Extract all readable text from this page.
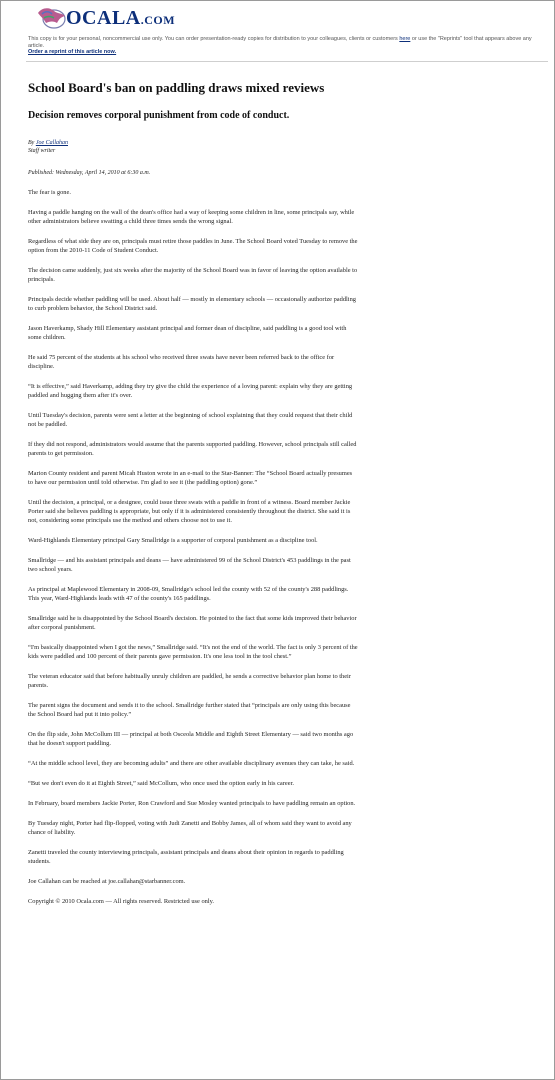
OCALA.COM
This copy is for your personal, noncommercial use only. You can order presentation-ready copies for distribution to your colleagues, clients or customers here or use the "Reprints" tool that appears above any article.
Order a reprint of this article now.
School Board's ban on paddling draws mixed reviews
Decision removes corporal punishment from code of conduct.
By Joe Callahan
Staff writer
Published: Wednesday, April 14, 2010 at 6:30 a.m.

The fear is gone.

Having a paddle hanging on the wall of the dean's office had a way of keeping some children in line, some principals say, while other administrators believe swatting a child three times sends the wrong signal.

Regardless of what side they are on, principals must retire those paddles in June. The School Board voted Tuesday to remove the option from the 2010-11 Code of Student Conduct.

The decision came suddenly, just six weeks after the majority of the School Board was in favor of leaving the option available to principals.

Principals decide whether paddling will be used. About half — mostly in elementary schools — occasionally authorize paddling to curb problem behavior, the School District said.

Jason Haverkamp, Shady Hill Elementary assistant principal and former dean of discipline, said paddling is a good tool with some children.

He said 75 percent of the students at his school who received three swats have never been referred back to the office for discipline.

“It is effective,” said Haverkamp, adding they try give the child the experience of a loving parent: explain why they are getting paddled and hugging them after it's over.

Until Tuesday's decision, parents were sent a letter at the beginning of school explaining that they could request that their child not be paddled.

If they did not respond, administrators would assume that the parents supported paddling. However, school principals still called parents to get permission.

Marion County resident and parent Micah Huston wrote in an e-mail to the Star-Banner: The “School Board actually presumes to have our permission until told otherwise. I'm glad to see it (the paddling option) gone.”

Until the decision, a principal, or a designee, could issue three swats with a paddle in front of a witness. Board member Jackie Porter said she believes paddling is appropriate, but only if it is administered consistently throughout the district. She said it is not, considering some principals use the method and others choose not to use it.

Ward-Highlands Elementary principal Gary Smallridge is a supporter of corporal punishment as a discipline tool.

Smallridge — and his assistant principals and deans — have administered 99 of the School District's 453 paddlings in the past two school years.

As principal at Maplewood Elementary in 2008-09, Smallridge's school led the county with 52 of the county's 288 paddlings. This year, Ward-Highlands leads with 47 of the county's 165 paddlings.

Smallridge said he is disappointed by the School Board's decision. He pointed to the fact that some kids improved their behavior after corporal punishment.

“I'm basically disappointed when I got the news,” Smallridge said. “It's not the end of the world. The fact is only 3 percent of the kids were paddled and 100 percent of their parents gave permission. It's one less tool in the tool chest.”

The veteran educator said that before habitually unruly children are paddled, he sends a corrective behavior plan home to their parents.

The parent signs the document and sends it to the school. Smallridge further stated that “principals are only using this because the School Board had put it into policy.”

On the flip side, John McCollum III — principal at both Osceola Middle and Eighth Street Elementary — said two months ago that he doesn't support paddling.

“At the middle school level, they are becoming adults” and there are other available disciplinary avenues they can take, he said.

“But we don't even do it at Eighth Street,” said McCollum, who once used the option early in his career.

In February, board members Jackie Porter, Ron Crawford and Sue Mosley wanted principals to have paddling remain an option.

By Tuesday night, Porter had flip-flopped, voting with Judi Zanetti and Bobby James, all of whom said they want to avoid any chance of liability.

Zanetti traveled the county interviewing principals, assistant principals and deans about their opinion in regards to paddling students.

Joe Callahan can be reached at joe.callahan@starbanner.com.

Copyright © 2010 Ocala.com — All rights reserved. Restricted use only.
